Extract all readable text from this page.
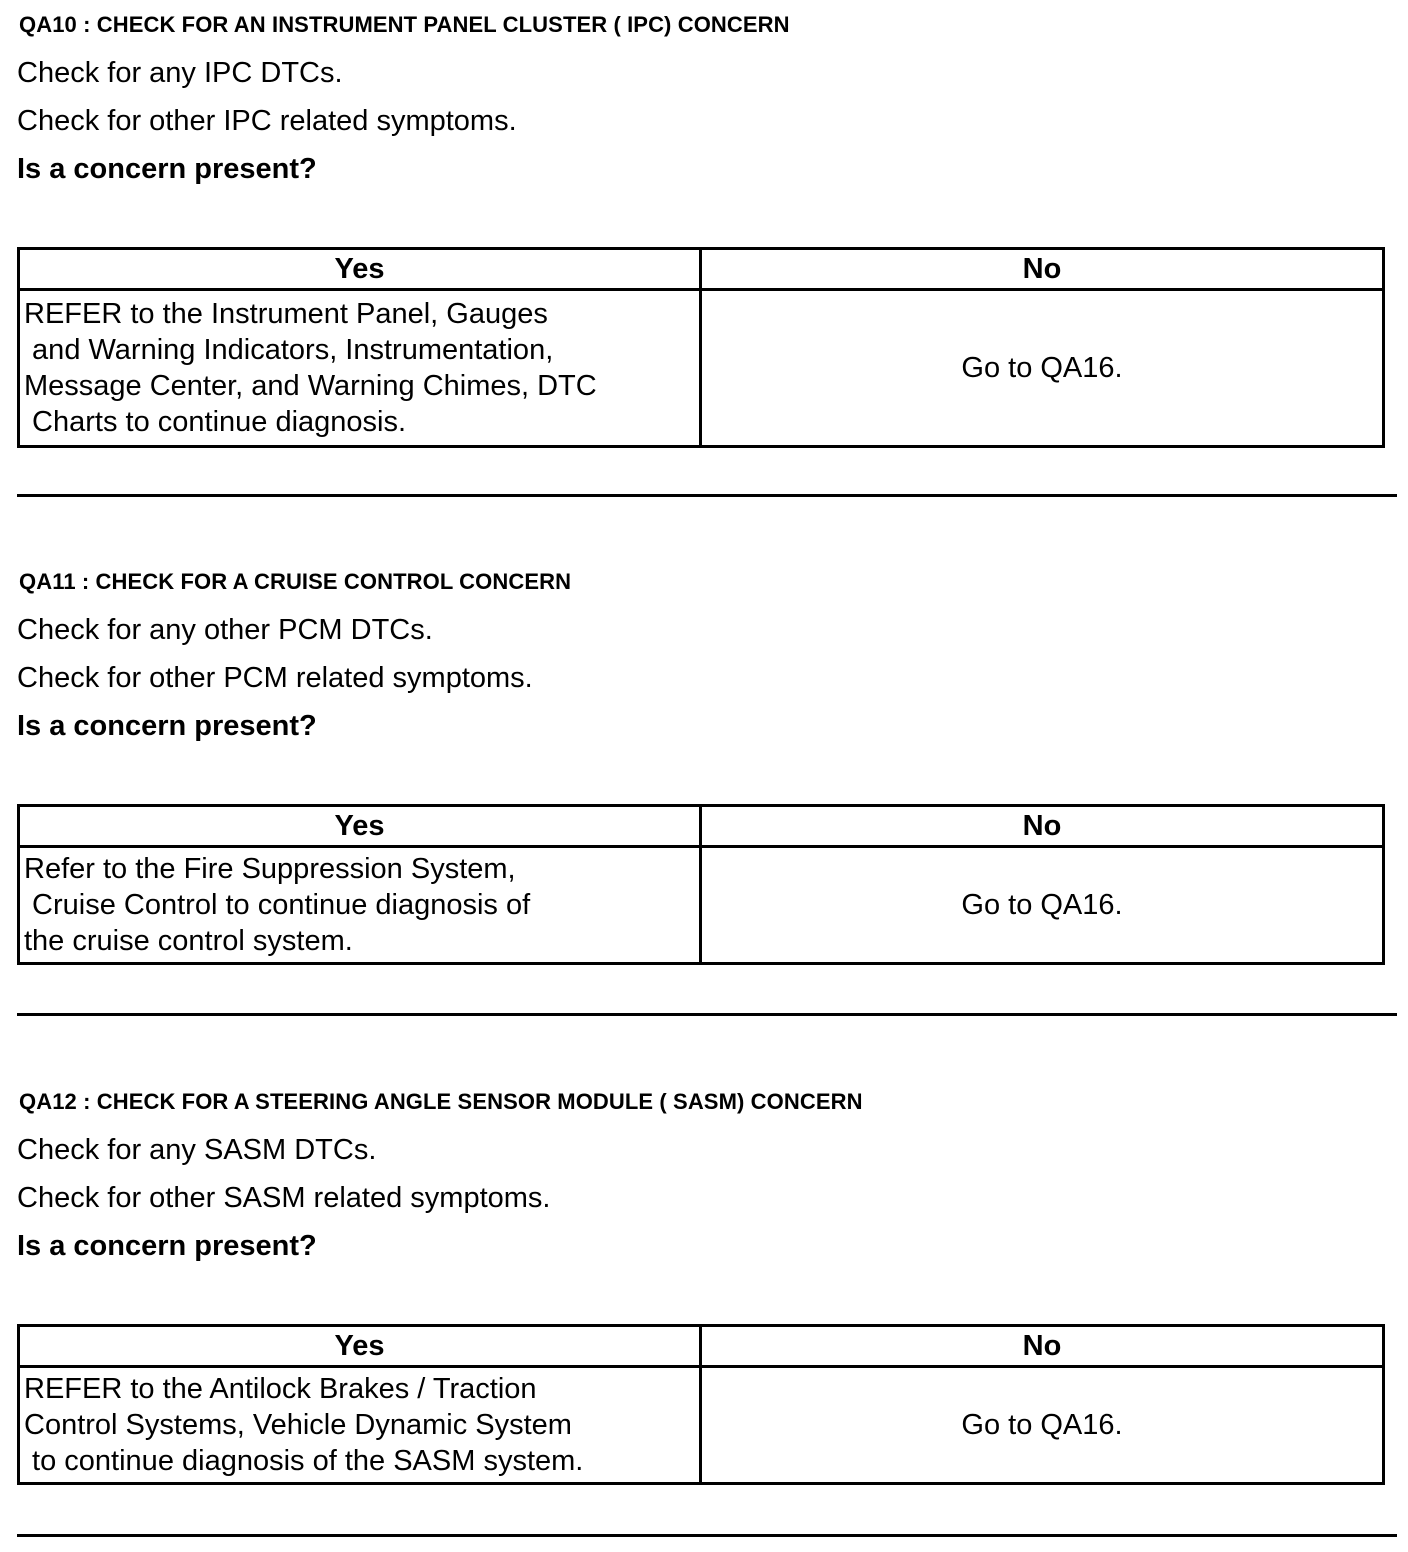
QA10 : CHECK FOR AN INSTRUMENT PANEL CLUSTER ( IPC) CONCERN
Check for any IPC DTCs.
Check for other IPC related symptoms.
Is a concern present?
Yes	No

REFER to the Instrument Panel, Gauges
and Warning Indicators, Instrumentation,
Message Center, and Warning Chimes, DTC
Charts to continue diagnosis.	Go to QA16.
QA11 : CHECK FOR A CRUISE CONTROL CONCERN
Check for any other PCM DTCs.
Check for other PCM related symptoms.
Is a concern present?
Yes	No

Refer to the Fire Suppression System,
Cruise Control to continue diagnosis of
the cruise control system.	Go to QA16.
QA12 : CHECK FOR A STEERING ANGLE SENSOR MODULE ( SASM) CONCERN
Check for any SASM DTCs.
Check for other SASM related symptoms.
Is a concern present?
Yes	No

REFER to the Antilock Brakes / Traction
Control Systems, Vehicle Dynamic System
to continue diagnosis of the SASM system.	Go to QA16.
